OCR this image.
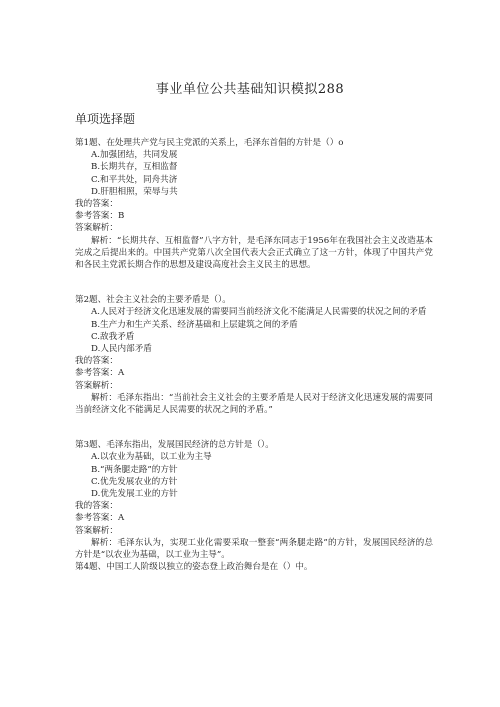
事业单位公共基础知识模拟288
单项选择题

第1题、在处理共产党与民主党派的关系上，毛泽东首倡的方针是（）o

A.加强团结，共同发展

B.长期共存，互相监督

C.和平共处，同舟共济

D.肝胆相照，荣辱与共

我的答案：

参考答案：B

答案解析：

解析：“长期共存、互相监督”八字方针，是毛泽东同志于1956年在我国社会主义改造基本完成之后提出来的。中国共产党第八次全国代表大会正式确立了这一方针，体现了中国共产党和各民主党派长期合作的思想及建设高度社会主义民主的思想。

第2题、社会主义社会的主要矛盾是（）。

A.人民对于经济文化迅速发展的需要同当前经济文化不能满足人民需要的状况之间的矛盾

B.生产力和生产关系、经济基础和上层建筑之间的矛盾

C.敌我矛盾

D.人民内部矛盾

我的答案：

参考答案：A

答案解析：

解析：毛泽东指出：“当前社会主义社会的主要矛盾是人民对于经济文化迅速发展的需要同当前经济文化不能满足人民需要的状况之间的矛盾。”

第3题、毛泽东指出，发展国民经济的总方针是（）。

A.以农业为基础，以工业为主导

B.“两条腿走路”的方针

C.优先发展农业的方针

D.优先发展工业的方针

我的答案：

参考答案：A

答案解析：

解析：毛泽东认为，实现工业化需要采取一整套“两条腿走路”的方针，发展国民经济的总方针是“以农业为基础，以工业为主导”。

第4题、中国工人阶级以独立的姿态登上政治舞台是在（）中。
